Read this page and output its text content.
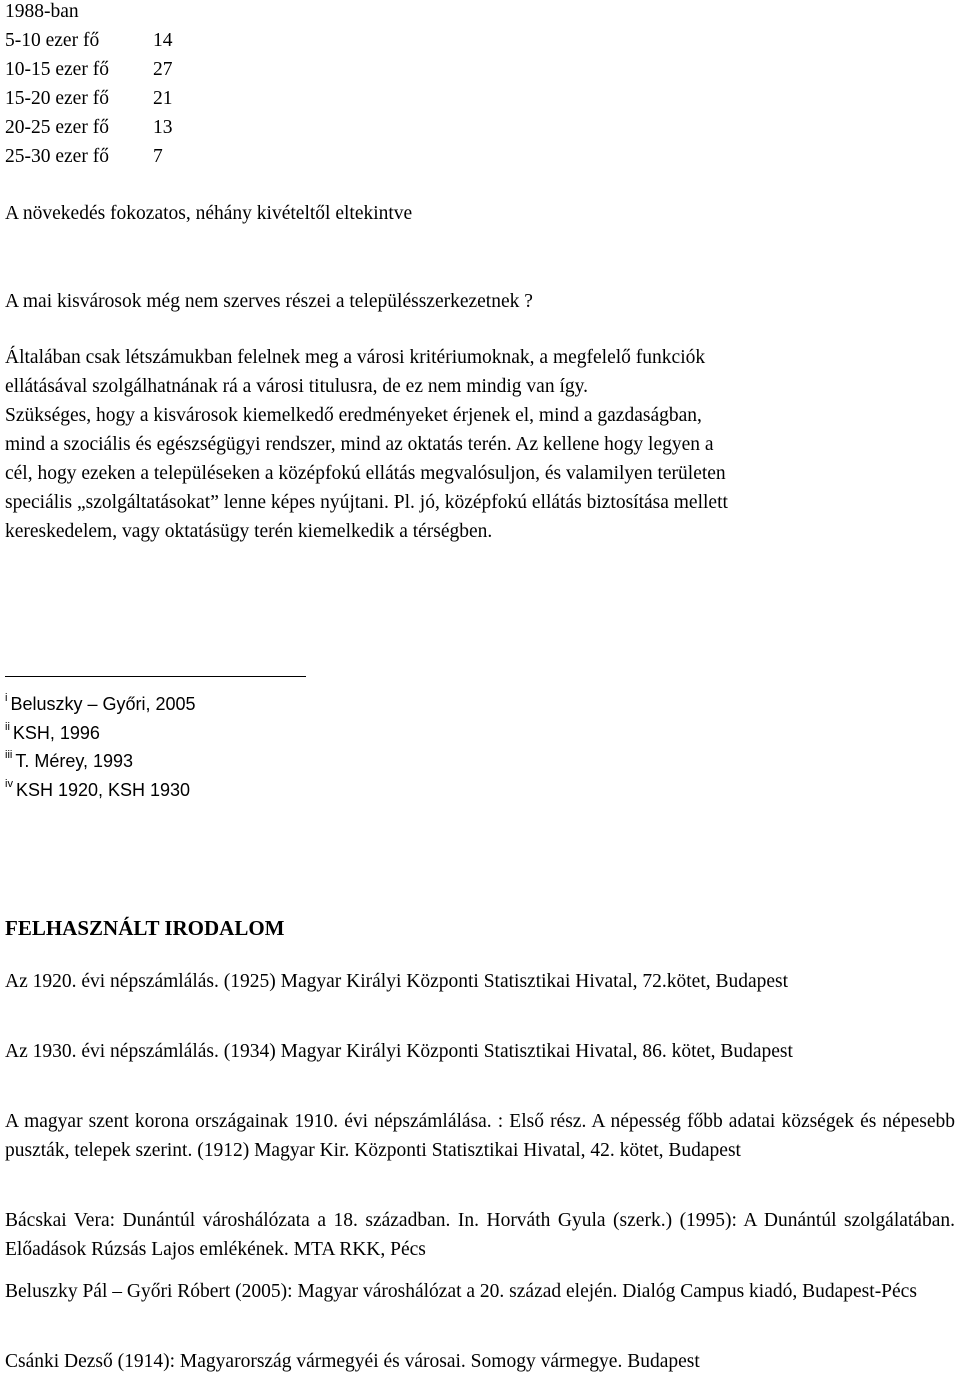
1988-ban
5-10 ezer fő	14
10-15 ezer fő	27
15-20 ezer fő	21
20-25 ezer fő	13
25-30 ezer fő	7
A növekedés fokozatos, néhány kivételtől eltekintve
A mai kisvárosok még nem szerves részei a településszerkezetnek ?
Általában csak létszámukban felelnek meg a városi kritériumoknak, a megfelelő funkciók
ellátásával szolgálhatnának rá a városi titulusra, de ez nem mindig van így.
Szükséges, hogy a kisvárosok kiemelkedő eredményeket érjenek el, mind a gazdaságban,
mind a szociális és egészségügyi rendszer, mind az oktatás terén. Az kellene hogy legyen a
cél, hogy ezeken a településeken a középfokú ellátás megvalósuljon, és valamilyen területen
speciális „szolgáltatásokat” lenne képes nyújtani. Pl. jó, középfokú ellátás biztosítása mellett
kereskedelem, vagy oktatásügy terén kiemelkedik a térségben.
$^i$ Beluszky – Győri, 2005
$^{ii}$ KSH, 1996
$^{iii}$ T. Mérey, 1993
$^{iv}$ KSH 1920, KSH 1930
FELHASZNÁLT IRODALOM
Az 1920. évi népszámlálás. (1925) Magyar Királyi Központi Statisztikai Hivatal, 72.kötet, Budapest
Az 1930. évi népszámlálás. (1934) Magyar Királyi Központi Statisztikai Hivatal, 86. kötet, Budapest
A magyar szent korona országainak 1910. évi népszámlálása. : Első rész. A népesség főbb adatai községek és népesebb puszták, telepek szerint. (1912) Magyar Kir. Központi Statisztikai Hivatal, 42. kötet, Budapest
Bácskai Vera: Dunántúl városhálózata a 18. században. In. Horváth Gyula (szerk.) (1995): A Dunántúl szolgálatában. Előadások Rúzsás Lajos emlékének. MTA RKK, Pécs
Beluszky Pál – Győri Róbert (2005): Magyar városhálózat a 20. század elején. Dialóg Campus kiadó, Budapest-Pécs
Csánki Dezső (1914): Magyarország vármegyéi és városai. Somogy vármegye. Budapest
